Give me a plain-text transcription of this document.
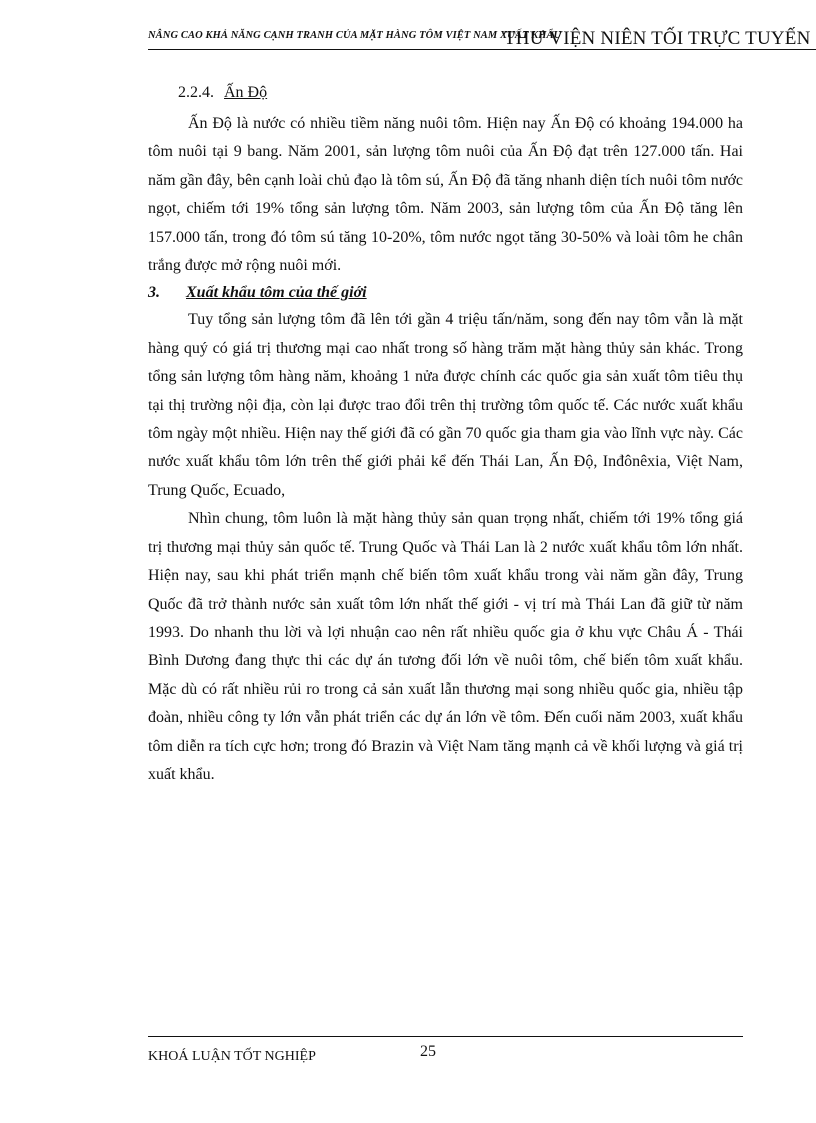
NÂNG CAO KHẢ NĂNG CẠNH TRANH CỦA MẶT HÀNG TÔM VIỆT NAM XUẤT KHẨU
THƯ VIỆN NIÊN TỐI TRỰC TUYẾN
2.2.4. Ấn Độ

Ấn Độ là nước có nhiều tiềm năng nuôi tôm. Hiện nay Ấn Độ có khoảng 194.000 ha tôm nuôi tại 9 bang. Năm 2001, sản lượng tôm nuôi của Ấn Độ đạt trên 127.000 tấn. Hai năm gần đây, bên cạnh loài chủ đạo là tôm sú, Ấn Độ đã tăng nhanh diện tích nuôi tôm nước ngọt, chiếm tới 19% tổng sản lượng tôm. Năm 2003, sản lượng tôm của Ấn Độ tăng lên 157.000 tấn, trong đó tôm sú tăng 10-20%, tôm nước ngọt tăng 30-50% và loài tôm he chân trắng được mở rộng nuôi mới.

3. Xuất khẩu tôm của thế giới

Tuy tổng sản lượng tôm đã lên tới gần 4 triệu tấn/năm, song đến nay tôm vẫn là mặt hàng quý có giá trị thương mại cao nhất trong số hàng trăm mặt hàng thủy sản khác. Trong tổng sản lượng tôm hàng năm, khoảng 1 nửa được chính các quốc gia sản xuất tôm tiêu thụ tại thị trường nội địa, còn lại được trao đổi trên thị trường tôm quốc tế. Các nước xuất khẩu tôm ngày một nhiều. Hiện nay thế giới đã có gần 70 quốc gia tham gia vào lĩnh vực này. Các nước xuất khẩu tôm lớn trên thế giới phải kể đến Thái Lan, Ấn Độ, Inđônêxia, Việt Nam, Trung Quốc, Ecuado,

Nhìn chung, tôm luôn là mặt hàng thủy sản quan trọng nhất, chiếm tới 19% tổng giá trị thương mại thủy sản quốc tế. Trung Quốc và Thái Lan là 2 nước xuất khẩu tôm lớn nhất. Hiện nay, sau khi phát triển mạnh chế biến tôm xuất khẩu trong vài năm gần đây, Trung Quốc đã trở thành nước sản xuất tôm lớn nhất thế giới - vị trí mà Thái Lan đã giữ từ năm 1993. Do nhanh thu lời và lợi nhuận cao nên rất nhiều quốc gia ở khu vực Châu Á - Thái Bình Dương đang thực thi các dự án tương đối lớn về nuôi tôm, chế biến tôm xuất khẩu. Mặc dù có rất nhiều rủi ro trong cả sản xuất lẫn thương mại song nhiều quốc gia, nhiều tập đoàn, nhiều công ty lớn vẫn phát triển các dự án lớn về tôm. Đến cuối năm 2003, xuất khẩu tôm diễn ra tích cực hơn; trong đó Brazin và Việt Nam tăng mạnh cả về khối lượng và giá trị xuất khẩu.

KHOÁ LUẬN TỐT NGHIỆP	25
